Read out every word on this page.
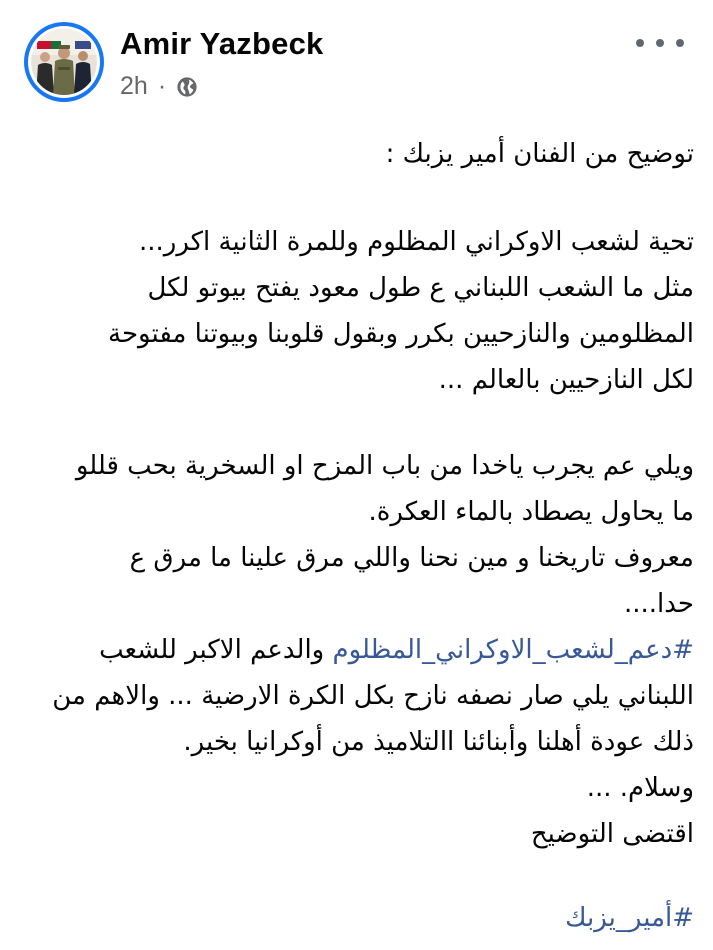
Amir Yazbeck
2h ·
توضيح من الفنان أمير يزبك :
تحية لشعب الاوكراني المظلوم وللمرة الثانية اكرر...
مثل ما الشعب اللبناني ع طول معود يفتح بيوتو لكل
المظلومين والنازحيين بكرر وبقول قلوبنا وبيوتنا مفتوحة
لكل النازحيين بالعالم ...
ويلي عم يجرب ياخدا من باب المزح او السخرية بحب قللو
ما يحاول يصطاد بالماء العكرة.
معروف تاريخنا و مين نحنا واللي مرق علينا ما مرق ع
حدا....
#دعم_لشعب_الاوكراني_المظلوم والدعم الاكبر للشعب
اللبناني يلي صار نصفه نازح بكل الكرة الارضية ... والاهم من
ذلك عودة أهلنا وأبنائنا االتلاميذ من أوكرانيا بخير.
وسلام. ...
اقتضى التوضيح
#أمير_يزبك
